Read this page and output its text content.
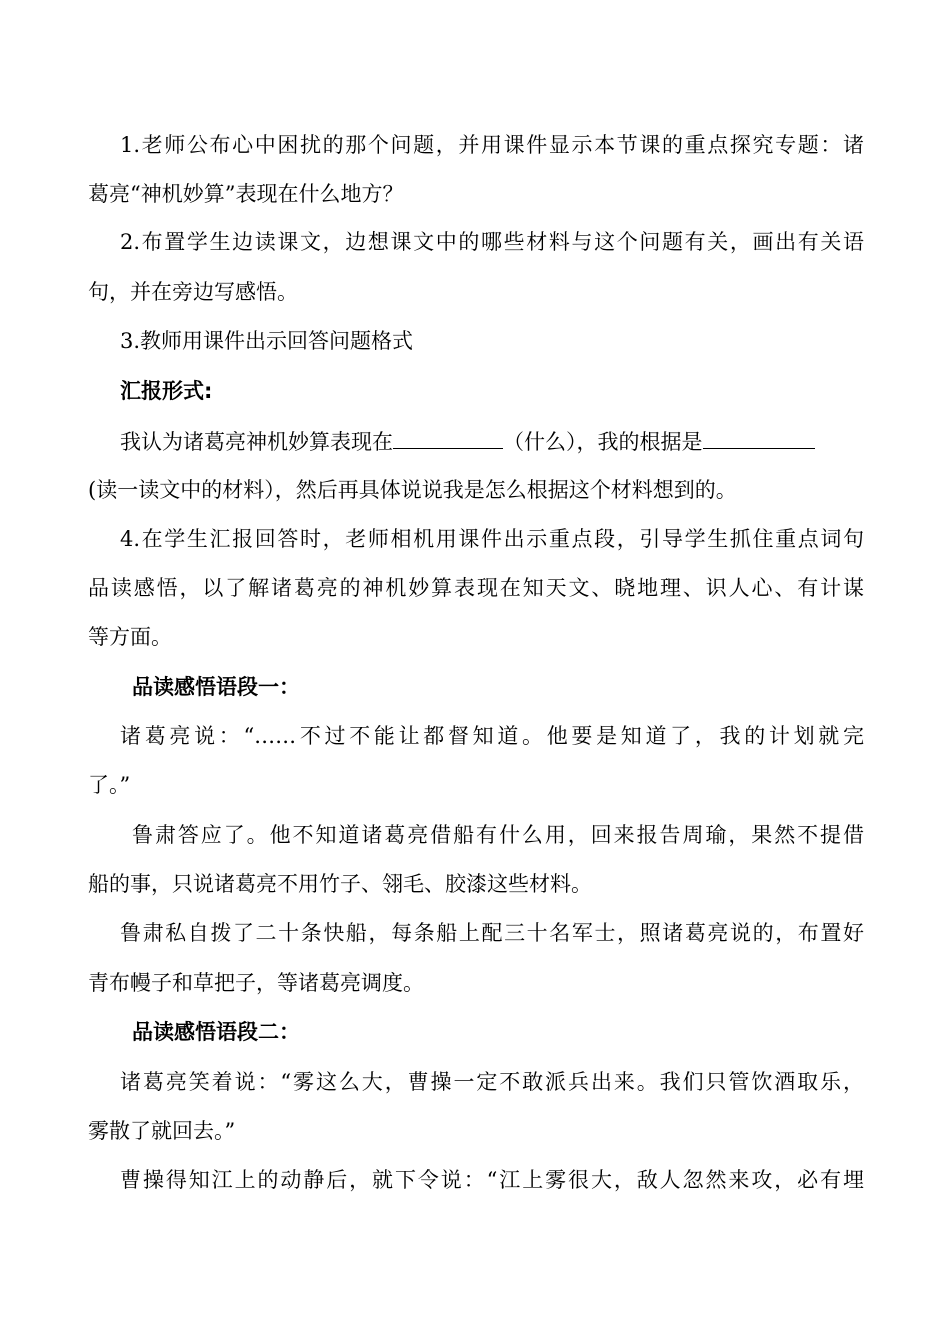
1.老师公布心中困扰的那个问题，并用课件显示本节课的重点探究专题：诸
葛亮“神机妙算”表现在什么地方？
2.布置学生边读课文，边想课文中的哪些材料与这个问题有关，画出有关语
句，并在旁边写感悟。
3.教师用课件出示回答问题格式
汇报形式:
我认为诸葛亮神机妙算表现在	（什么），我的根据是
(读一读文中的材料），然后再具体说说我是怎么根据这个材料想到的。
4.在学生汇报回答时，老师相机用课件出示重点段，引导学生抓住重点词句
品读感悟，以了解诸葛亮的神机妙算表现在知天文、晓地理、识人心、有计谋
等方面。
品读感悟语段一：
诸葛亮说：“……不过不能让都督知道。他要是知道了，我的计划就完
了。”
鲁肃答应了。他不知道诸葛亮借船有什么用，回来报告周瑜，果然不提借
船的事，只说诸葛亮不用竹子、翎毛、胶漆这些材料。
鲁肃私自拨了二十条快船，每条船上配三十名军士，照诸葛亮说的，布置好
青布幔子和草把子，等诸葛亮调度。
品读感悟语段二：
诸葛亮笑着说：“雾这么大，曹操一定不敢派兵出来。我们只管饮酒取乐，
雾散了就回去。”
曹操得知江上的动静后，就下令说：“江上雾很大，敌人忽然来攻，必有埋
